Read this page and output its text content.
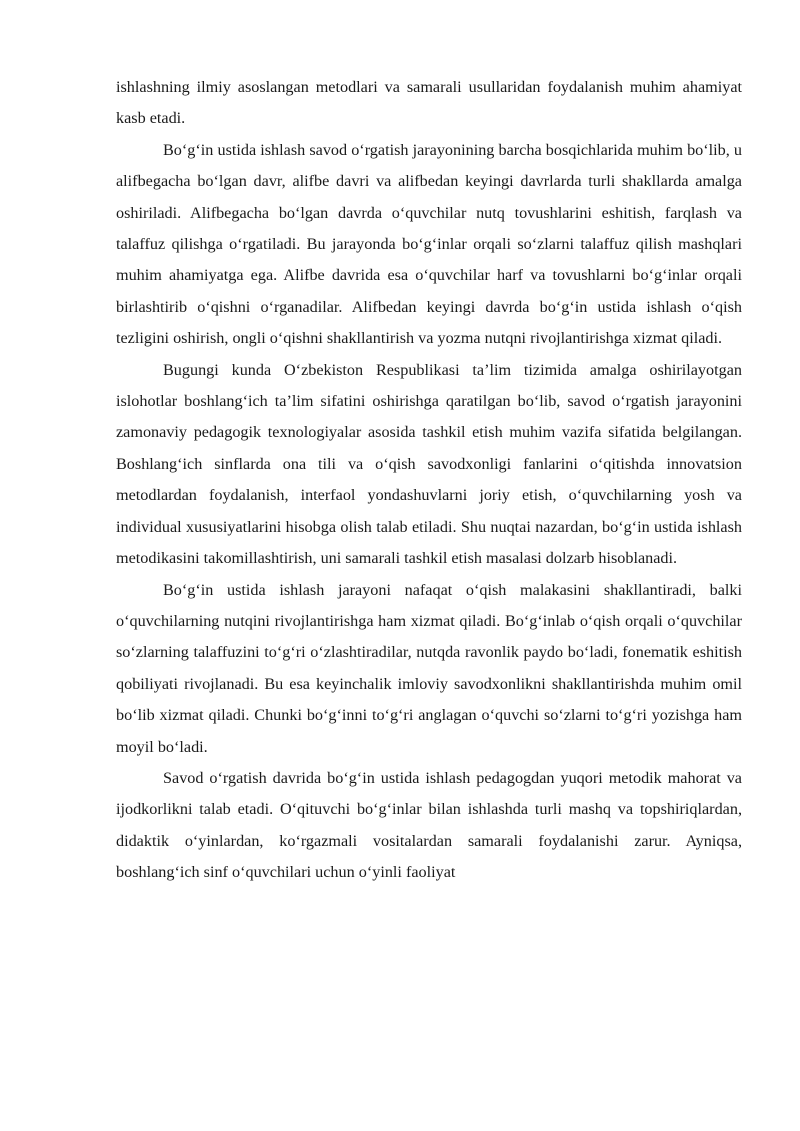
ishlashning ilmiy asoslangan metodlari va samarali usullaridan foydalanish muhim ahamiyat kasb etadi.

Bo‘g‘in ustida ishlash savod o‘rgatish jarayonining barcha bosqichlarida muhim bo‘lib, u alifbegacha bo‘lgan davr, alifbe davri va alifbedan keyingi davrlarda turli shakllarda amalga oshiriladi. Alifbegacha bo‘lgan davrda o‘quvchilar nutq tovushlarini eshitish, farqlash va talaffuz qilishga o‘rgatiladi. Bu jarayonda bo‘g‘inlar orqali so‘zlarni talaffuz qilish mashqlari muhim ahamiyatga ega. Alifbe davrida esa o‘quvchilar harf va tovushlarni bo‘g‘inlar orqali birlashtirib o‘qishni o‘rganadilar. Alifbedan keyingi davrda bo‘g‘in ustida ishlash o‘qish tezligini oshirish, ongli o‘qishni shakllantirish va yozma nutqni rivojlantirishga xizmat qiladi.

Bugungi kunda O‘zbekiston Respublikasi ta’lim tizimida amalga oshirilayotgan islohotlar boshlang‘ich ta’lim sifatini oshirishga qaratilgan bo‘lib, savod o‘rgatish jarayonini zamonaviy pedagogik texnologiyalar asosida tashkil etish muhim vazifa sifatida belgilangan. Boshlang‘ich sinflarda ona tili va o‘qish savodxonligi fanlarini o‘qitishda innovatsion metodlardan foydalanish, interfaol yondashuvlarni joriy etish, o‘quvchilarning yosh va individual xususiyatlarini hisobga olish talab etiladi. Shu nuqtai nazardan, bo‘g‘in ustida ishlash metodikasini takomillashtirish, uni samarali tashkil etish masalasi dolzarb hisoblanadi.

Bo‘g‘in ustida ishlash jarayoni nafaqat o‘qish malakasini shakllantiradi, balki o‘quvchilarning nutqini rivojlantirishga ham xizmat qiladi. Bo‘g‘inlab o‘qish orqali o‘quvchilar so‘zlarning talaffuzini to‘g‘ri o‘zlashtiradilar, nutqda ravonlik paydo bo‘ladi, fonematik eshitish qobiliyati rivojlanadi. Bu esa keyinchalik imloviy savodxonlikni shakllantirishda muhim omil bo‘lib xizmat qiladi. Chunki bo‘g‘inni to‘g‘ri anglagan o‘quvchi so‘zlarni to‘g‘ri yozishga ham moyil bo‘ladi.

Savod o‘rgatish davrida bo‘g‘in ustida ishlash pedagogdan yuqori metodik mahorat va ijodkorlikni talab etadi. O‘qituvchi bo‘g‘inlar bilan ishlashda turli mashq va topshiriqlardan, didaktik o‘yinlardan, ko‘rgazmali vositalardan samarali foydalanishi zarur. Ayniqsa, boshlang‘ich sinf o‘quvchilari uchun o‘yinli faoliyat
